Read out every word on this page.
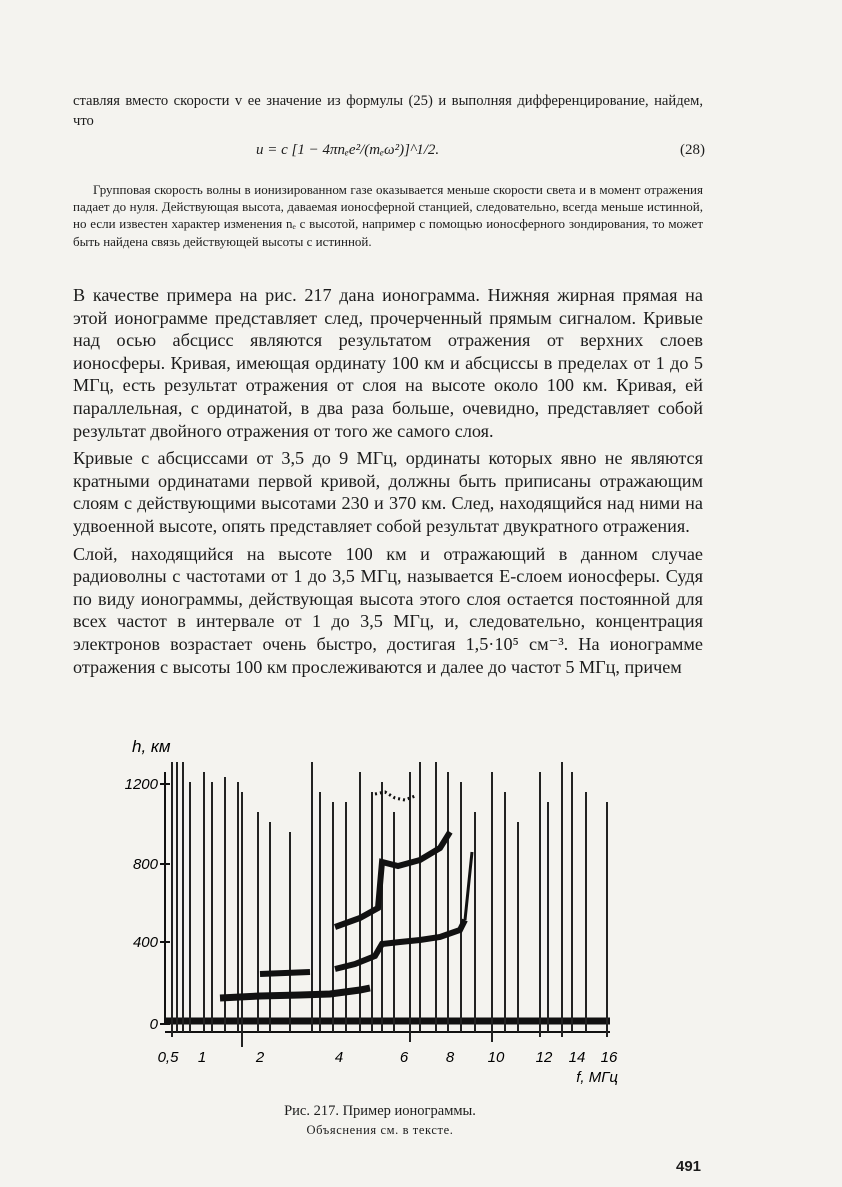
ставляя вместо скорости v ее значение из формулы (25) и выполняя дифференцирование, найдем, что

u = c [1 − 4πnₑe²/(mₑω²)]^1/2.	(28)

Групповая скорость волны в ионизированном газе оказывается меньше скорости света и в момент отражения падает до нуля. Действующая высота, даваемая ионосферной станцией, следовательно, всегда меньше истинной, но если известен характер изменения nₑ с высотой, например с помощью ионосферного зондирования, то может быть найдена связь действующей высоты с истинной.

В качестве примера на рис. 217 дана ионограмма. Нижняя жирная прямая на этой ионограмме представляет след, прочерченный прямым сигналом. Кривые над осью абсцисс являются результатом отражения от верхних слоев ионосферы. Кривая, имеющая ординату 100 км и абсциссы в пределах от 1 до 5 МГц, есть результат отражения от слоя на высоте около 100 км. Кривая, ей параллельная, с ординатой, в два раза больше, очевидно, представляет собой результат двойного отражения от того же самого слоя.

Кривые с абсциссами от 3,5 до 9 МГц, ординаты которых явно не являются кратными ординатами первой кривой, должны быть приписаны отражающим слоям с действующими высотами 230 и 370 км. След, находящийся над ними на удвоенной высоте, опять представляет собой результат двукратного отражения.

Слой, находящийся на высоте 100 км и отражающий в данном случае радиоволны с частотами от 1 до 3,5 МГц, называется E-слоем ионосферы. Судя по виду ионограммы, действующая высота этого слоя остается постоянной для всех частот в интервале от 1 до 3,5 МГц, и, следовательно, концентрация электронов возрастает очень быстро, достигая 1,5·10⁵ см⁻³. На ионограмме отражения с высоты 100 км прослеживаются и далее до частот 5 МГц, причем

1200
800
400
0
h, км
0,5 1	2	4	6	8 10 12 14 16
f, МГц
Рис. 217. Пример ионограммы.
Объяснения см. в тексте.
491
